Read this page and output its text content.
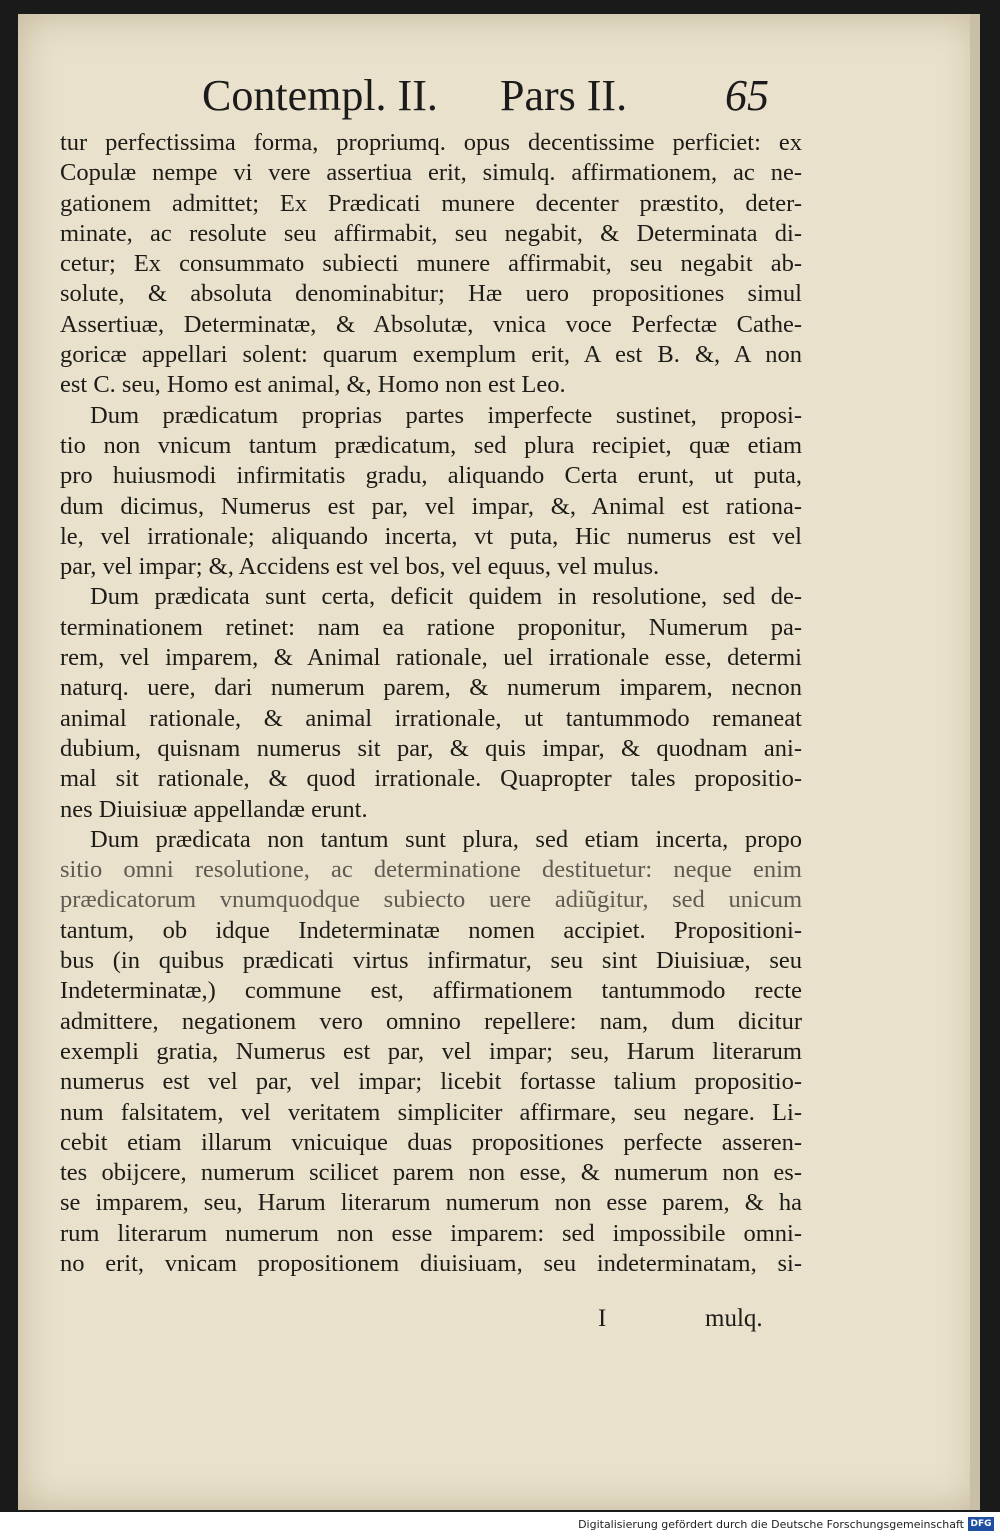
Contempl. II. Pars II. 65
tur perfectissima forma, propriumq. opus decentissime perficiet: ex
Copulæ nempe vi vere assertiua erit, simulq. affirmationem, ac ne-
gationem admittet; Ex Prædicati munere decenter præstito, deter-
minate, ac resolute seu affirmabit, seu negabit, & Determinata di-
cetur; Ex consummato subiecti munere affirmabit, seu negabit ab-
solute, & absoluta denominabitur; Hæ uero propositiones simul
Assertiuæ, Determinatæ, & Absolutæ, vnica voce Perfectæ Cathe-
goricæ appellari solent: quarum exemplum erit, A est B. &, A non
est C. seu, Homo est animal, &, Homo non est Leo.
Dum prædicatum proprias partes imperfecte sustinet, proposi-
tio non vnicum tantum prædicatum, sed plura recipiet, quæ etiam
pro huiusmodi infirmitatis gradu, aliquando Certa erunt, ut puta,
dum dicimus, Numerus est par, vel impar, &, Animal est rationa-
le, vel irrationale; aliquando incerta, vt puta, Hic numerus est vel
par, vel impar; &, Accidens est vel bos, vel equus, vel mulus.
Dum prædicata sunt certa, deficit quidem in resolutione, sed de-
terminationem retinet: nam ea ratione proponitur, Numerum pa-
rem, vel imparem, & Animal rationale, uel irrationale esse, determi
naturq. uere, dari numerum parem, & numerum imparem, necnon
animal rationale, & animal irrationale, ut tantummodo remaneat
dubium, quisnam numerus sit par, & quis impar, & quodnam ani-
mal sit rationale, & quod irrationale. Quapropter tales propositio-
nes Diuisiuæ appellandæ erunt.
Dum prædicata non tantum sunt plura, sed etiam incerta, propo
sitio omni resolutione, ac determinatione destituetur: neque enim
prædicatorum vnumquodque subiecto uere adiũgitur, sed unicum
tantum, ob idque Indeterminatæ nomen accipiet. Propositioni-
bus (in quibus prædicati virtus infirmatur, seu sint Diuisiuæ, seu
Indeterminatæ,) commune est, affirmationem tantummodo recte
admittere, negationem vero omnino repellere: nam, dum dicitur
exempli gratia, Numerus est par, vel impar; seu, Harum literarum
numerus est vel par, vel impar; licebit fortasse talium propositio-
num falsitatem, vel veritatem simpliciter affirmare, seu negare. Li-
cebit etiam illarum vnicuique duas propositiones perfecte asseren-
tes obijcere, numerum scilicet parem non esse, & numerum non es-
se imparem, seu, Harum literarum numerum non esse parem, & ha
rum literarum numerum non esse imparem: sed impossibile omni-
no erit, vnicam propositionem diuisiuam, seu indeterminatam, si-
I	mulq.
Digitalisierung gefördert durch die Deutsche Forschungsgemeinschaft DFG
